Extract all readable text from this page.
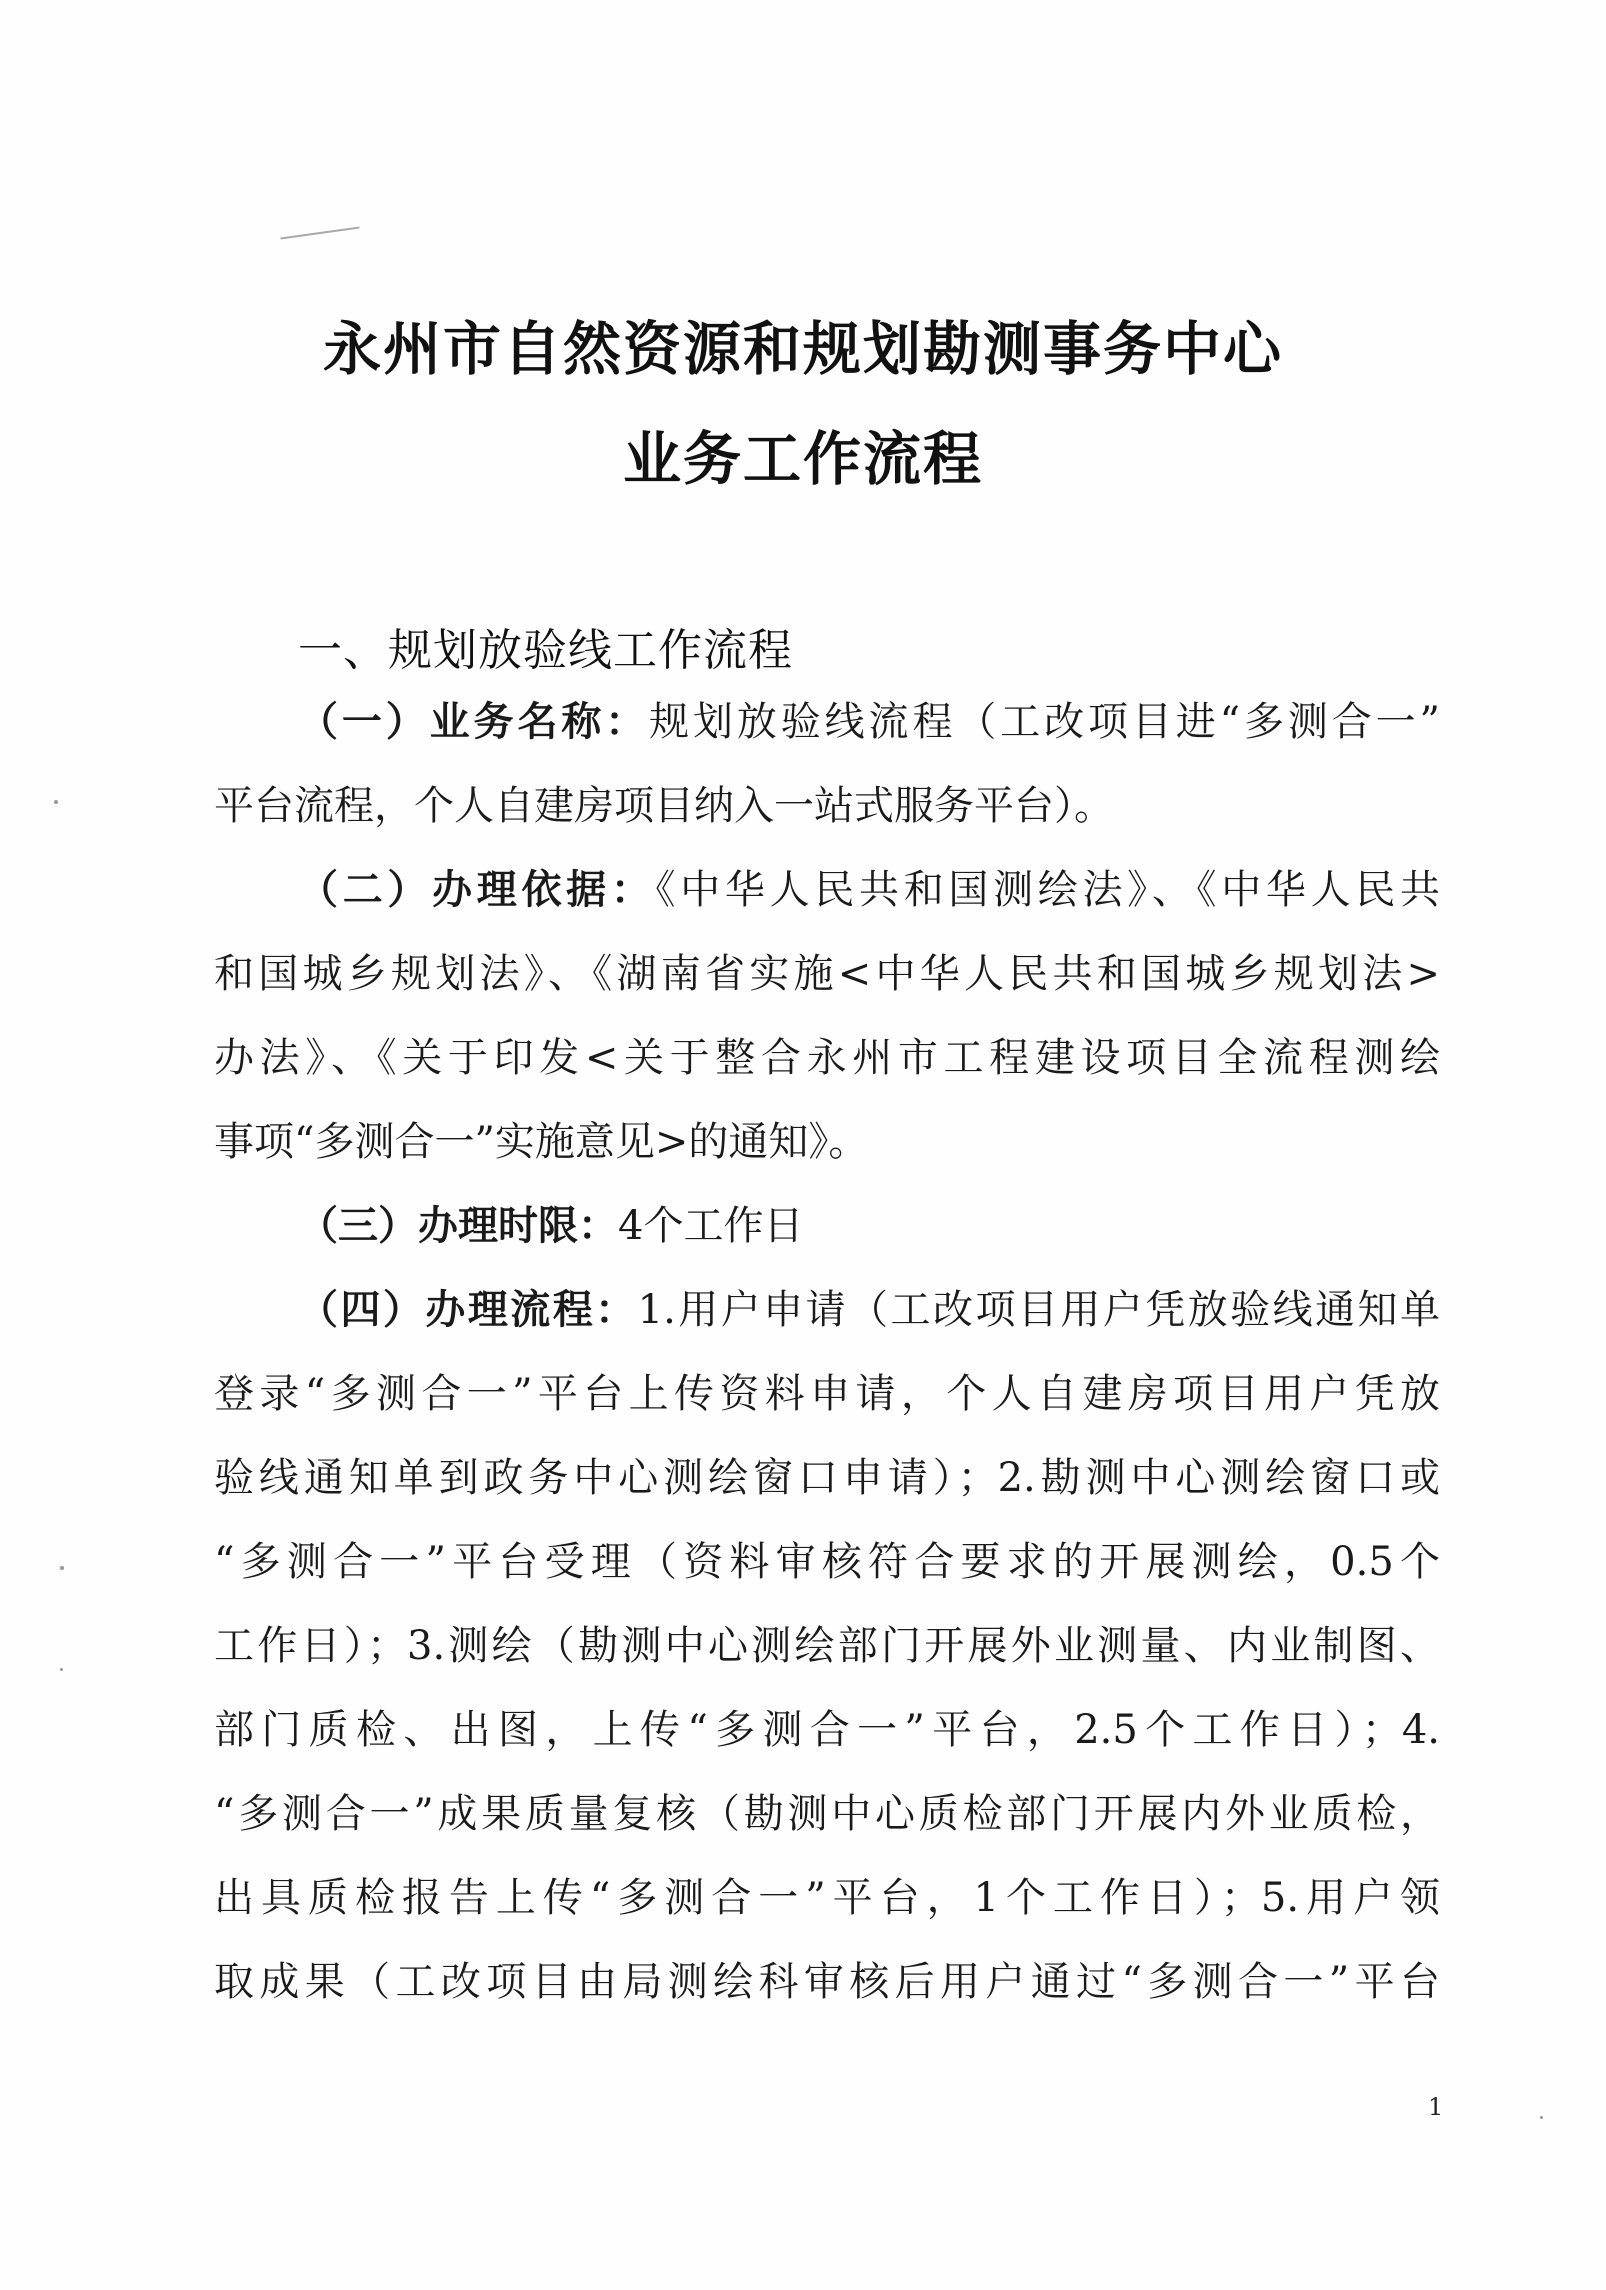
永州市自然资源和规划勘测事务中心
业务工作流程
一、规划放验线工作流程
（一）业务名称：规划放验线流程（工改项目进“多测合一”
平台流程，个人自建房项目纳入一站式服务平台）。
（二）办理依据：《中华人民共和国测绘法》、《中华人民共
和国城乡规划法》、《湖南省实施<中华人民共和国城乡规划法>
办法》、《关于印发<关于整合永州市工程建设项目全流程测绘
事项“多测合一”实施意见>的通知》。
（三）办理时限：4个工作日
（四）办理流程：1.用户申请（工改项目用户凭放验线通知单
登录“多测合一”平台上传资料申请，个人自建房项目用户凭放
验线通知单到政务中心测绘窗口申请）；2.勘测中心测绘窗口或
“多测合一”平台受理（资料审核符合要求的开展测绘，0.5个
工作日）；3.测绘（勘测中心测绘部门开展外业测量、内业制图、
部门质检、出图，上传“多测合一”平台，2.5个工作日）；4.
“多测合一”成果质量复核（勘测中心质检部门开展内外业质检，
出具质检报告上传“多测合一”平台，1个工作日）；5.用户领
取成果（工改项目由局测绘科审核后用户通过“多测合一”平台
1
